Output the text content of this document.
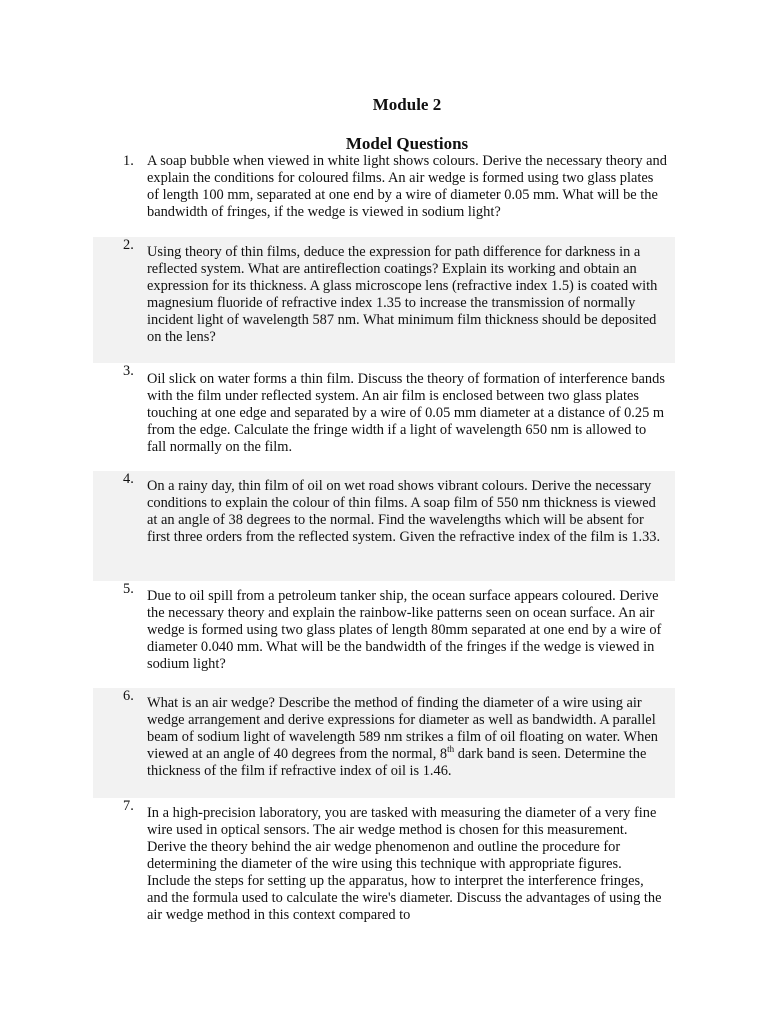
Module 2
Model Questions
1. A soap bubble when viewed in white light shows colours. Derive the necessary theory and explain the conditions for coloured films. An air wedge is formed using two glass plates of length 100 mm, separated at one end by a wire of diameter 0.05 mm. What will be the bandwidth of fringes, if the wedge is viewed in sodium light?
2. Using theory of thin films, deduce the expression for path difference for darkness in a reflected system. What are antireflection coatings? Explain its working and obtain an expression for its thickness. A glass microscope lens (refractive index 1.5) is coated with magnesium fluoride of refractive index 1.35 to increase the transmission of normally incident light of wavelength 587 nm. What minimum film thickness should be deposited on the lens?
3. Oil slick on water forms a thin film. Discuss the theory of formation of interference bands with the film under reflected system. An air film is enclosed between two glass plates touching at one edge and separated by a wire of 0.05 mm diameter at a distance of 0.25 m from the edge. Calculate the fringe width if a light of wavelength 650 nm is allowed to fall normally on the film.
4. On a rainy day, thin film of oil on wet road shows vibrant colours. Derive the necessary conditions to explain the colour of thin films. A soap film of 550 nm thickness is viewed at an angle of 38 degrees to the normal. Find the wavelengths which will be absent for first three orders from the reflected system. Given the refractive index of the film is 1.33.
5. Due to oil spill from a petroleum tanker ship, the ocean surface appears coloured. Derive the necessary theory and explain the rainbow-like patterns seen on ocean surface. An air wedge is formed using two glass plates of length 80mm separated at one end by a wire of diameter 0.040 mm. What will be the bandwidth of the fringes if the wedge is viewed in sodium light?
6. What is an air wedge? Describe the method of finding the diameter of a wire using air wedge arrangement and derive expressions for diameter as well as bandwidth. A parallel beam of sodium light of wavelength 589 nm strikes a film of oil floating on water. When viewed at an angle of 40 degrees from the normal, 8th dark band is seen. Determine the thickness of the film if refractive index of oil is 1.46.
7. In a high-precision laboratory, you are tasked with measuring the diameter of a very fine wire used in optical sensors. The air wedge method is chosen for this measurement. Derive the theory behind the air wedge phenomenon and outline the procedure for determining the diameter of the wire using this technique with appropriate figures. Include the steps for setting up the apparatus, how to interpret the interference fringes, and the formula used to calculate the wire's diameter. Discuss the advantages of using the air wedge method in this context compared to
